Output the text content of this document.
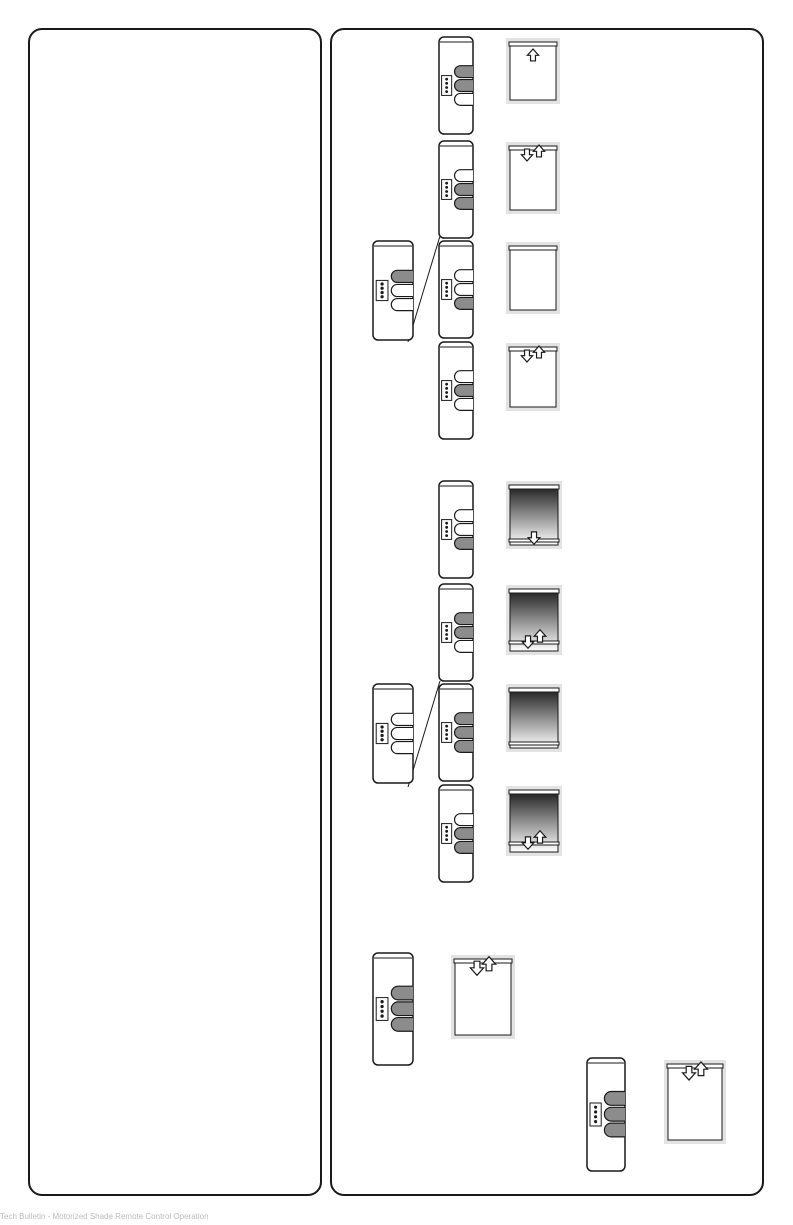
Tech Bulletin - Motorized Shade Remote Control Operation
